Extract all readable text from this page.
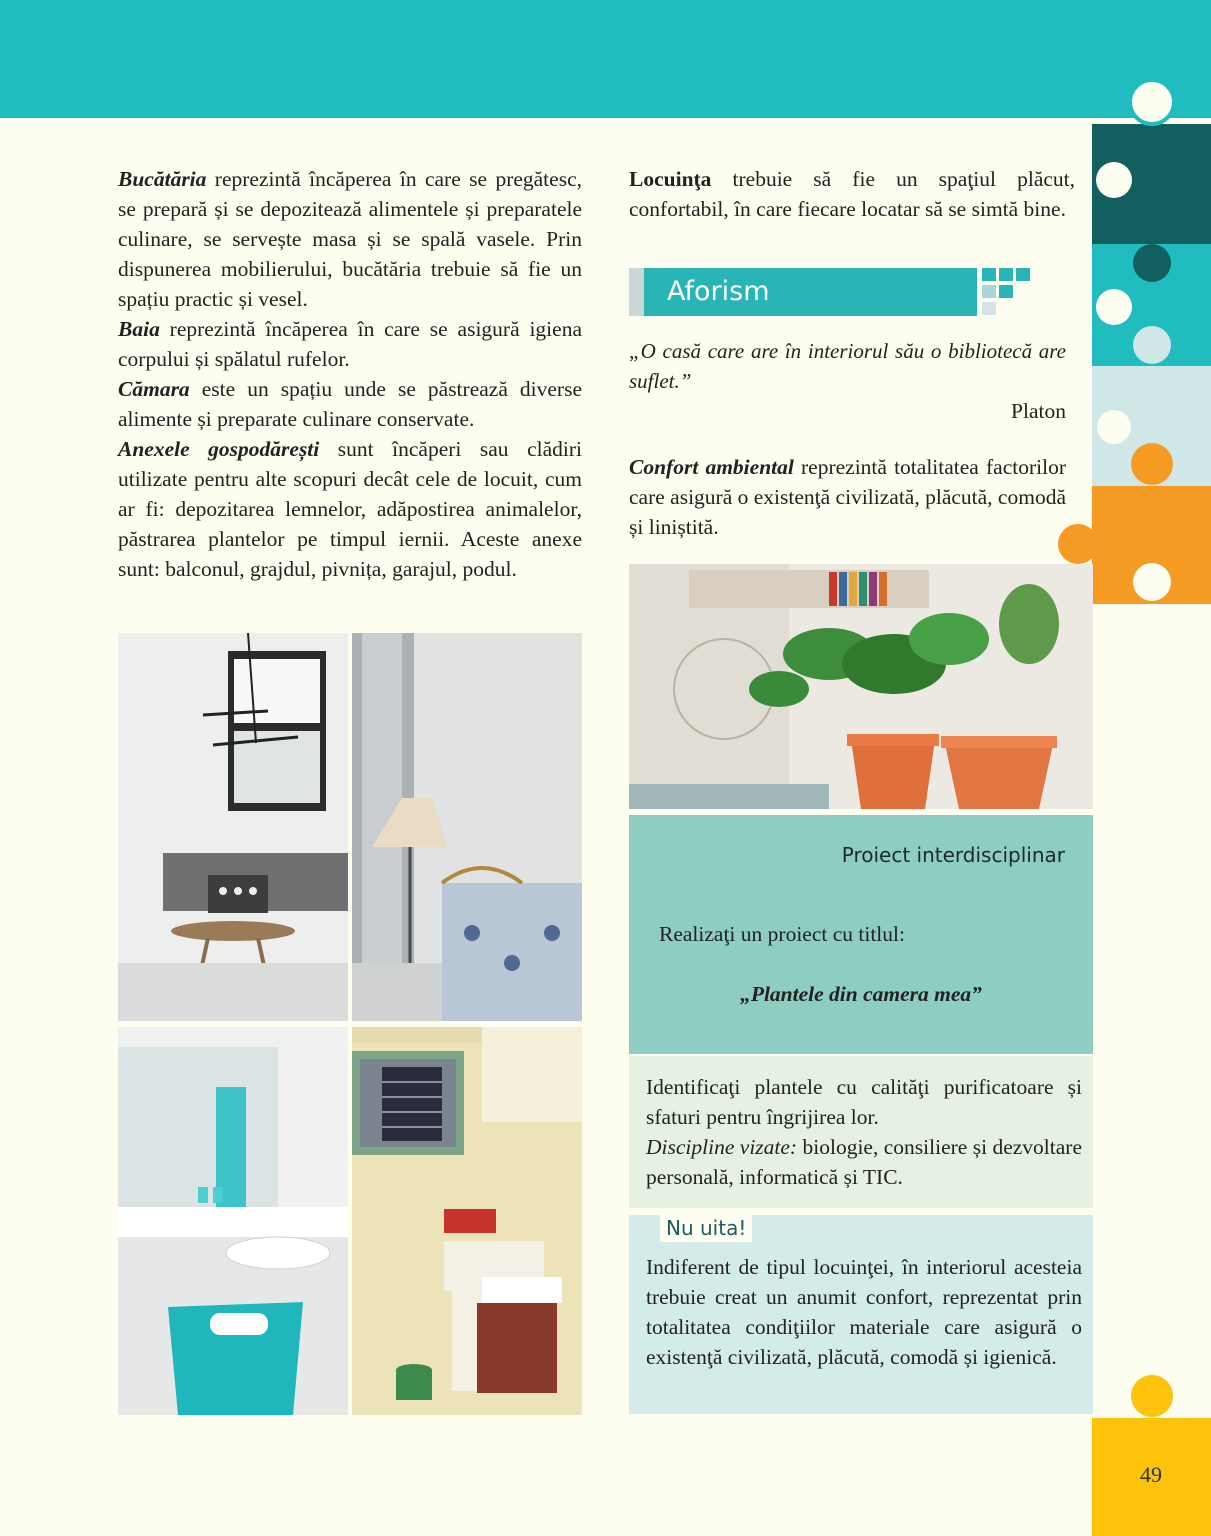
Bucătăria reprezintă încăperea în care se pregătesc, se prepară și se depozitează alimentele și preparatele culinare, se servește masa și se spală vasele. Prin dispunerea mobilierului, bucătăria trebuie să fie un spațiu practic și vesel.

Baia reprezintă încăperea în care se asigură igiena corpului și spălatul rufelor.

Cămara este un spațiu unde se păstrează diverse alimente și preparate culinare conservate.

Anexele gospodărești sunt încăperi sau clădiri utilizate pentru alte scopuri decât cele de locuit, cum ar fi: depozitarea lemnelor, adăpostirea animalelor, păstrarea plantelor pe timpul iernii. Aceste anexe sunt: balconul, grajdul, pivnița, garajul, podul.

Locuinţa trebuie să fie un spaţiul plăcut, confortabil, în care fiecare locatar să se simtă bine.
Aforism
„O casă care are în interiorul său o bibliotecă are suflet.”
Platon
Confort ambiental reprezintă totalitatea factorilor care asigură o existenţă civilizată, plăcută, comodă și liniștită.
Proiect interdisciplinar
Realizaţi un proiect cu titlul:
„Plantele din camera mea”
Identificaţi plantele cu calităţi purificatoare și sfaturi pentru îngrijirea lor.
Discipline vizate: biologie, consiliere și dezvoltare personală, informatică și TIC.
Nu uita!
Indiferent de tipul locuinţei, în interiorul acesteia trebuie creat un anumit confort, reprezentat prin totalitatea condiţiilor materiale care asigură o existenţă civilizată, plăcută, comodă și igienică.
49
